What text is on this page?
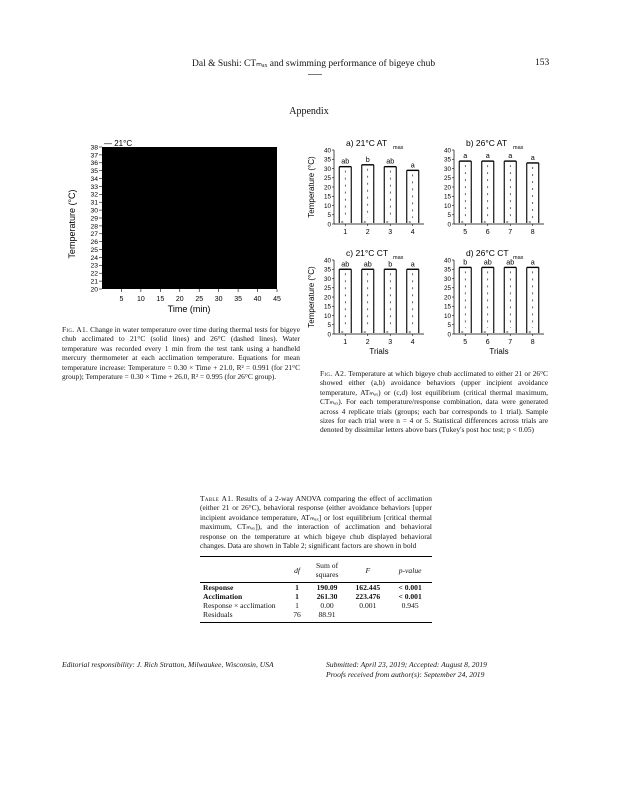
Dal & Sushi: CTₘₐₓ and swimming performance of bigeye chub	153
Appendix
Temperature (°C)
20
21
22
23
24
25
26
27
28
29
30
31
32
33
34
35
36
37
38
5 10 15 20 25 30 35 40 45
— 21°C
Time (min)
Fig. A1. Change in water temperature over time during thermal tests for bigeye chub acclimated to 21°C (solid lines) and 26°C (dashed lines). Water temperature was recorded every 1 min from the test tank using a handheld mercury thermometer at each acclimation temperature. Equations for mean temperature increase: Temperature = 0.30 × Time + 21.0, R² = 0.991 (for 21°C group); Temperature = 0.30 × Time + 26.0, R² = 0.995 (for 26°C group).
a) 21°C AT max
0
5
10
15
20
25
30
35
40
Temperature (°C)	ab
1
b
2
ab
3
a
4
b) 26°C AT max
0
5
10
15
20
25
30
35
40
a
5
a
6
a
7
a
8
c) 21°C CT max
0
5
10
15
20
25
30
35
40
Temperature (°C)
ab
1
ab
2
b
3
a
4
Trials
d) 26°C CT max
0
5
10
15
20
25
30
35
40 b
5
ab
6
ab
7
a
8
Trials
Fig. A2. Temperature at which bigeye chub acclimated to either 21 or 26°C showed either (a,b) avoidance behaviors (upper incipient avoidance temperature, ATₘₐₓ) or (c,d) lost equilibrium (critical thermal maximum, CTₘₐₓ). For each temperature/response combination, data were generated across 4 replicate trials (groups; each bar corresponds to 1 trial). Sample sizes for each trial were n = 4 or 5. Statistical differences across trials are denoted by dissimilar letters above bars (Tukey's post hoc test; p < 0.05)
Table A1. Results of a 2-way ANOVA comparing the effect of acclimation (either 21 or 26°C), behavioral response (either avoidance behaviors [upper incipient avoidance temperature, ATₘₐₓ] or lost equilibrium [critical thermal maximum, CTₘₐₓ]), and the interaction of acclimation and behavioral response on the temperature at which bigeye chub displayed behavioral changes. Data are shown in Table 2; significant factors are shown in bold
	df	Sum of squares	F	p-value

Response	1	190.09	162.445	< 0.001
Acclimation	1	261.30	223.476	< 0.001
Response × acclimation	1	0.00	0.001	0.945
Residuals	76	88.91		
Editorial responsibility: J. Rich Stratton, Milwaukee, Wisconsin, USA	Submitted: April 23, 2019; Accepted: August 8, 2019
Proofs received from author(s): September 24, 2019
